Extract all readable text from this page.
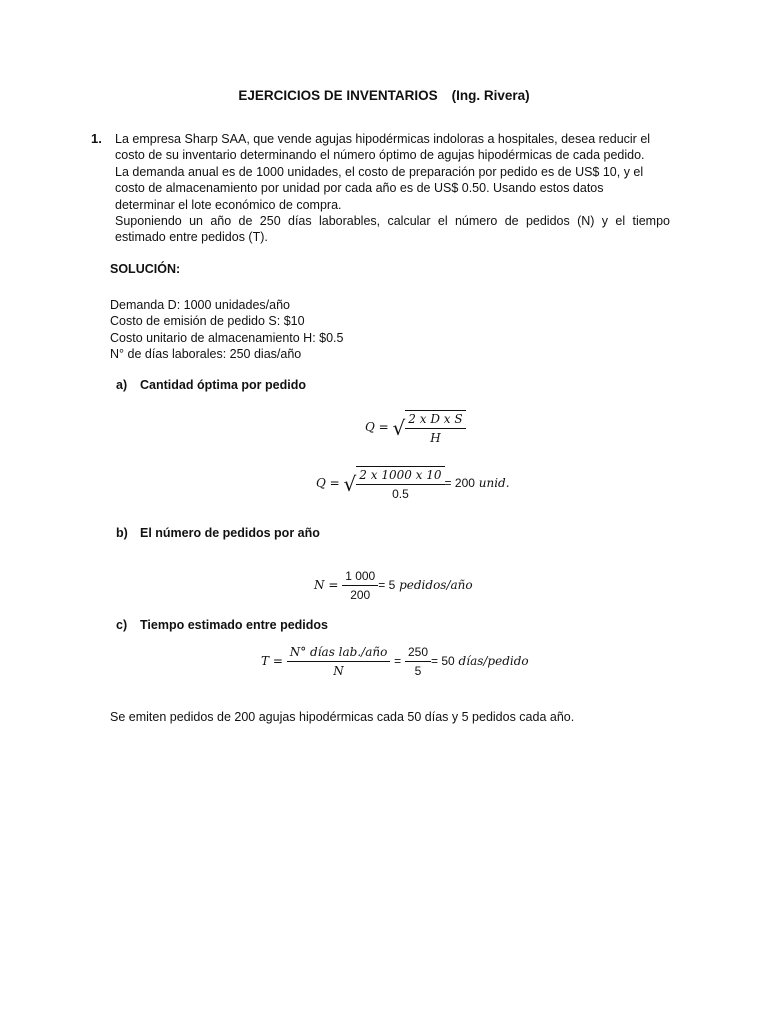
EJERCICIOS DE INVENTARIOS (Ing. Rivera)
1. La empresa Sharp SAA, que vende agujas hipodérmicas indoloras a hospitales, desea reducir el
costo de su inventario determinando el número óptimo de agujas hipodérmicas de cada pedido.
La demanda anual es de 1000 unidades, el costo de preparación por pedido es de US$ 10, y el
costo de almacenamiento por unidad por cada año es de US$ 0.50. Usando estos datos
determinar el lote económico de compra.
Suponiendo un año de 250 días laborables, calcular el número de pedidos (N) y el tiempo
estimado entre pedidos (T).
SOLUCIÓN:
Demanda D: 1000 unidades/año
Costo de emisión de pedido S: $10
Costo unitario de almacenamiento H: $0.5
N° de días laborales: 250 dias/año
a) Cantidad óptima por pedido
Q = √ $\frac{\text{2 x D x S}}{H}$
Q = √ $\frac{2 x 1000 x 10}{0.5} = 200$ unid.
b) El número de pedidos por año
$N = \frac{1 000}{200} = 5$ pedidos/año
c) Tiempo estimado entre pedidos
$T = \frac{\text{N° días lab./año}}{N} = \frac{250}{5} = 50$ días/pedido
Se emiten pedidos de 200 agujas hipodérmicas cada 50 días y 5 pedidos cada año.
